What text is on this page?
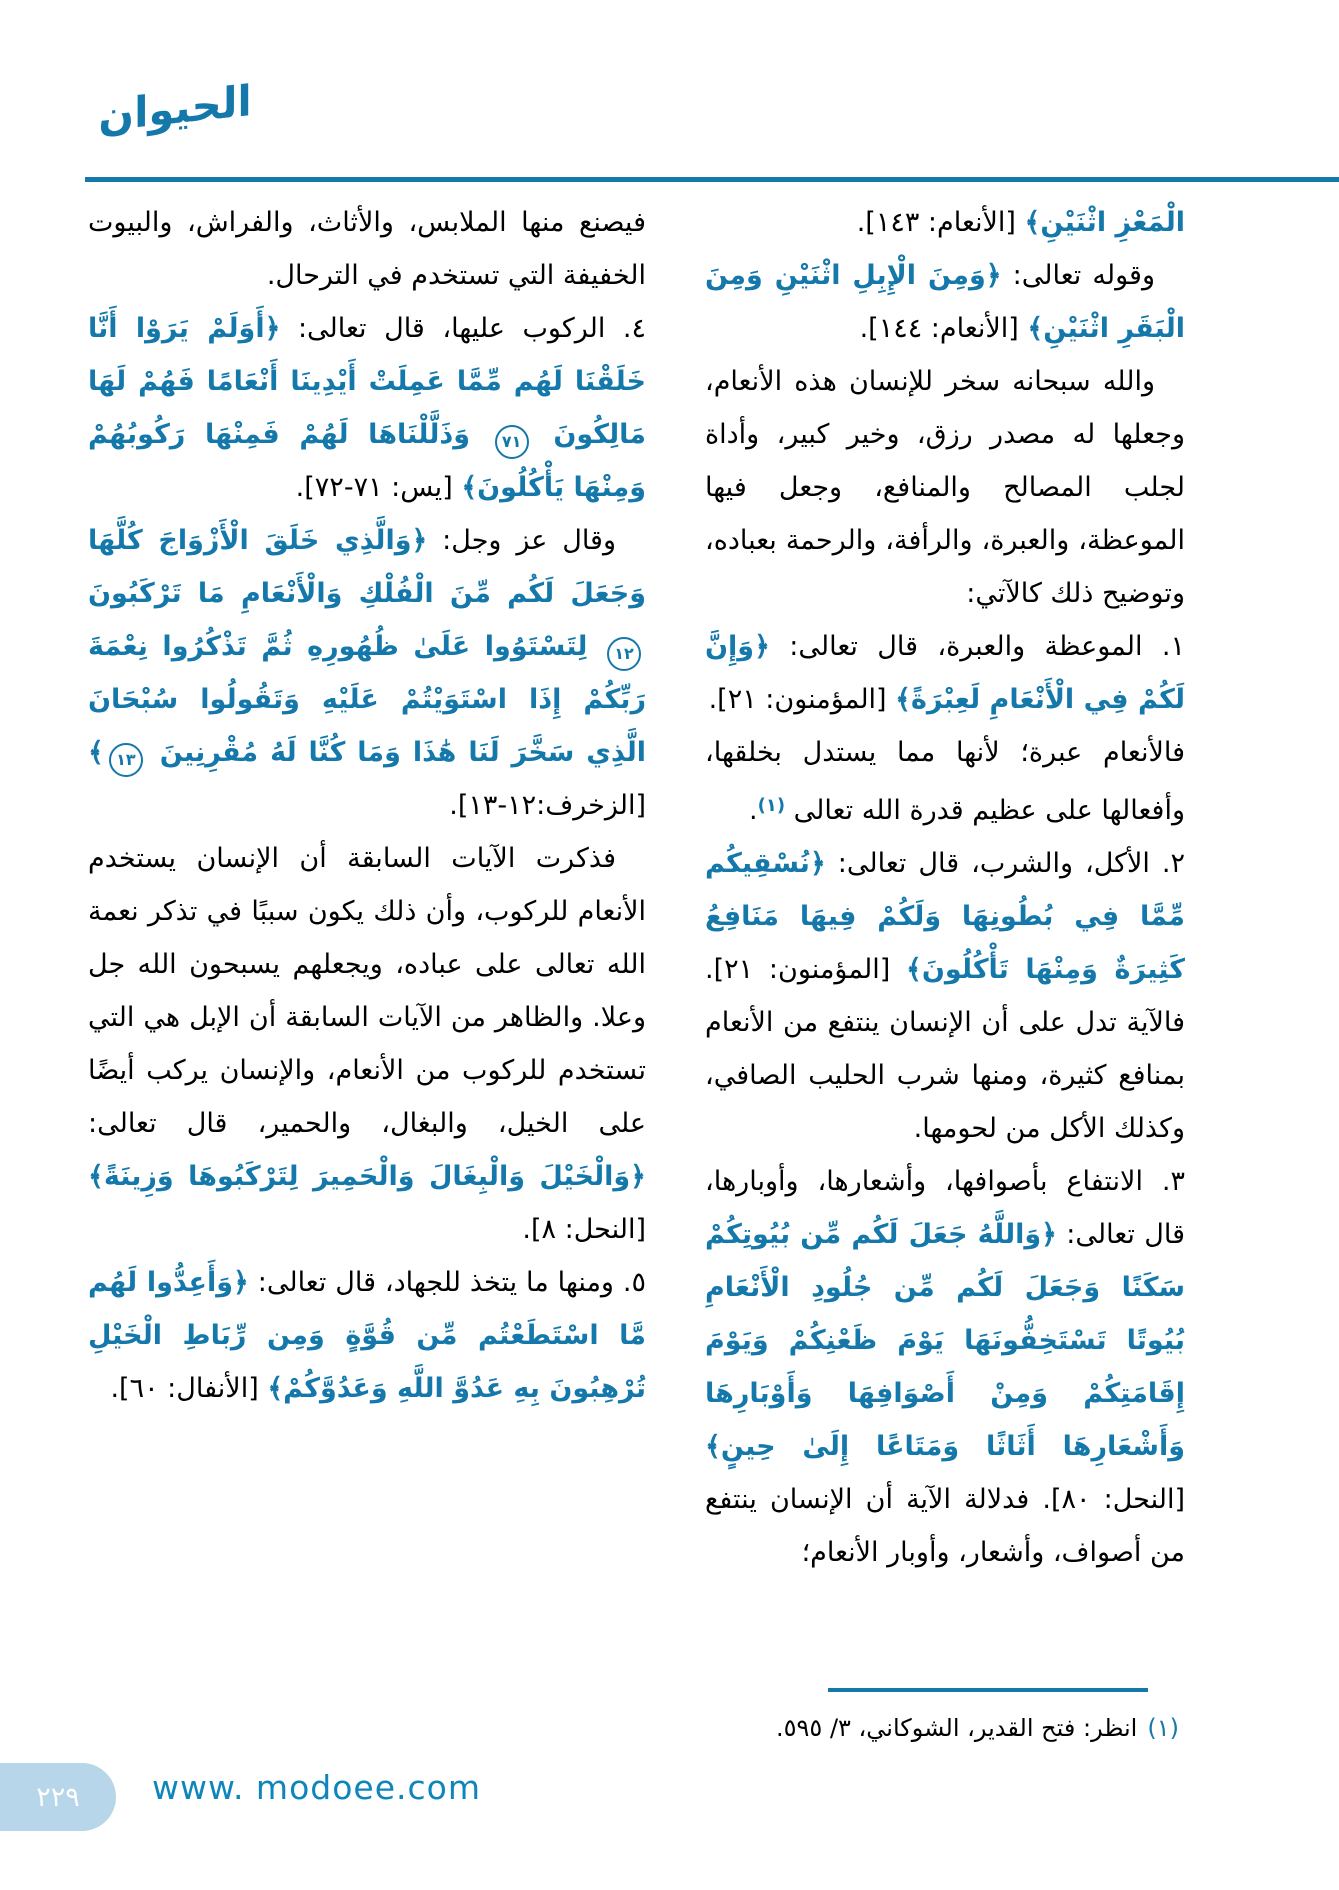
الحيوان

الْمَعْزِ اثْنَيْنِ﴾ [الأنعام: ١٤٣].

وقوله تعالى: ﴿وَمِنَ الْإِبِلِ اثْنَيْنِ وَمِنَ الْبَقَرِ اثْنَيْنِ﴾ [الأنعام: ١٤٤].

والله سبحانه سخر للإنسان هذه الأنعام، وجعلها له مصدر رزق، وخير كبير، وأداة لجلب المصالح والمنافع، وجعل فيها الموعظة، والعبرة، والرأفة، والرحمة بعباده، وتوضيح ذلك كالآتي:

١. الموعظة والعبرة، قال تعالى: ﴿وَإِنَّ لَكُمْ فِي الْأَنْعَامِ لَعِبْرَةً﴾ [المؤمنون: ٢١].

فالأنعام عبرة؛ لأنها مما يستدل بخلقها، وأفعالها على عظيم قدرة الله تعالى $^{(١)}$.

٢. الأكل، والشرب، قال تعالى: ﴿نُسْقِيكُم مِّمَّا فِي بُطُونِهَا وَلَكُمْ فِيهَا مَنَافِعُ كَثِيرَةٌ وَمِنْهَا تَأْكُلُونَ﴾ [المؤمنون: ٢١]. فالآية تدل على أن الإنسان ينتفع من الأنعام بمنافع كثيرة، ومنها شرب الحليب الصافي، وكذلك الأكل من لحومها.

٣. الانتفاع بأصوافها، وأشعارها، وأوبارها، قال تعالى: ﴿وَاللَّهُ جَعَلَ لَكُم مِّن بُيُوتِكُمْ سَكَنًا وَجَعَلَ لَكُم مِّن جُلُودِ الْأَنْعَامِ بُيُوتًا تَسْتَخِفُّونَهَا يَوْمَ ظَعْنِكُمْ وَيَوْمَ إِقَامَتِكُمْ وَمِنْ أَصْوَافِهَا وَأَوْبَارِهَا وَأَشْعَارِهَا أَثَاثًا وَمَتَاعًا إِلَىٰ حِينٍ﴾ [النحل: ٨٠]. فدلالة الآية أن الإنسان ينتفع من أصواف، وأشعار، وأوبار الأنعام؛

فيصنع منها الملابس، والأثاث، والفراش، والبيوت الخفيفة التي تستخدم في الترحال.

٤. الركوب عليها، قال تعالى: ﴿أَوَلَمْ يَرَوْا أَنَّا خَلَقْنَا لَهُم مِّمَّا عَمِلَتْ أَيْدِينَا أَنْعَامًا فَهُمْ لَهَا مَالِكُونَ ٧١ وَذَلَّلْنَاهَا لَهُمْ فَمِنْهَا رَكُوبُهُمْ وَمِنْهَا يَأْكُلُونَ﴾ [يس: ٧١-٧٢].

وقال عز وجل: ﴿وَالَّذِي خَلَقَ الْأَزْوَاجَ كُلَّهَا وَجَعَلَ لَكُم مِّنَ الْفُلْكِ وَالْأَنْعَامِ مَا تَرْكَبُونَ ١٢ لِتَسْتَوُوا عَلَىٰ ظُهُورِهِ ثُمَّ تَذْكُرُوا نِعْمَةَ رَبِّكُمْ إِذَا اسْتَوَيْتُمْ عَلَيْهِ وَتَقُولُوا سُبْحَانَ الَّذِي سَخَّرَ لَنَا هَٰذَا وَمَا كُنَّا لَهُ مُقْرِنِينَ ١٣﴾ [الزخرف:١٢-١٣].

فذكرت الآيات السابقة أن الإنسان يستخدم الأنعام للركوب، وأن ذلك يكون سببًا في تذكر نعمة الله تعالى على عباده، ويجعلهم يسبحون الله جل وعلا. والظاهر من الآيات السابقة أن الإبل هي التي تستخدم للركوب من الأنعام، والإنسان يركب أيضًا على الخيل، والبغال، والحمير، قال تعالى: ﴿وَالْخَيْلَ وَالْبِغَالَ وَالْحَمِيرَ لِتَرْكَبُوهَا وَزِينَةً﴾ [النحل: ٨].

٥. ومنها ما يتخذ للجهاد، قال تعالى: ﴿وَأَعِدُّوا لَهُم مَّا اسْتَطَعْتُم مِّن قُوَّةٍ وَمِن رِّبَاطِ الْخَيْلِ تُرْهِبُونَ بِهِ عَدُوَّ اللَّهِ وَعَدُوَّكُمْ﴾ [الأنفال: ٦٠].

(١)انظر: فتح القدير، الشوكاني، ٣/ ٥٩٥.
٢٢٩ www. modoee.com
